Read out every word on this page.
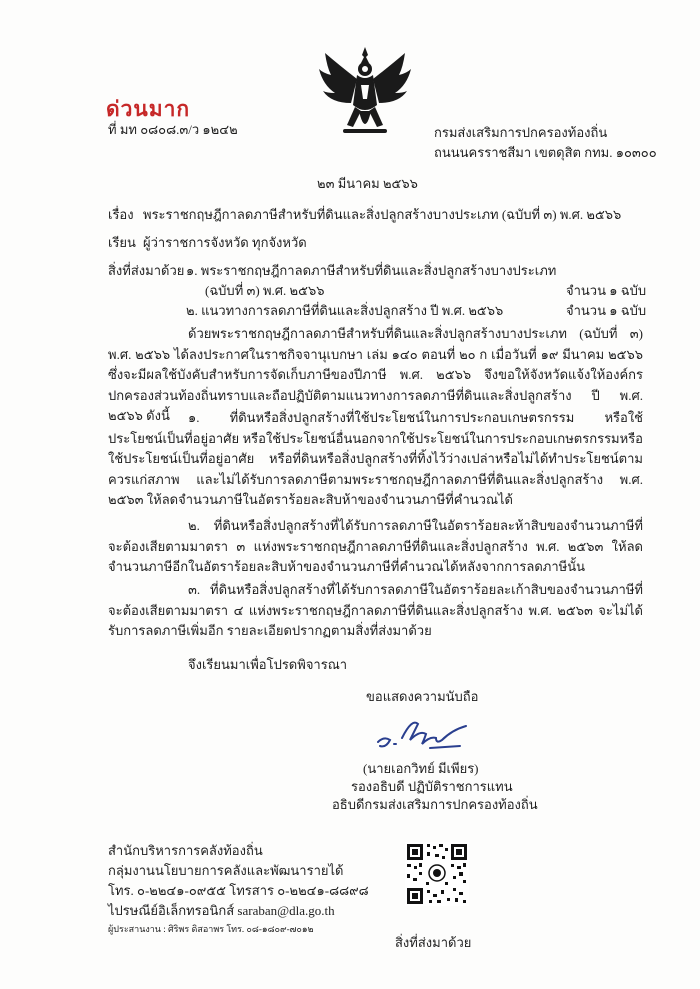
ด่วนมาก
ที่ มท ๐๘๐๘.๓/ว ๑๒๔๒	กรมส่งเสริมการปกครองท้องถิ่น
ถนนนครราชสีมา เขตดุสิต กทม. ๑๐๓๐๐
๒๓ มีนาคม ๒๕๖๖
เรื่อง พระราชกฤษฎีกาลดภาษีสำหรับที่ดินและสิ่งปลูกสร้างบางประเภท (ฉบับที่ ๓) พ.ศ. ๒๕๖๖
เรียน ผู้ว่าราชการจังหวัด ทุกจังหวัด
สิ่งที่ส่งมาด้วย ๑. พระราชกฤษฎีกาลดภาษีสำหรับที่ดินและสิ่งปลูกสร้างบางประเภท
(ฉบับที่ ๓) พ.ศ. ๒๕๖๖	จำนวน ๑ ฉบับ
๒. แนวทางการลดภาษีที่ดินและสิ่งปลูกสร้าง ปี พ.ศ. ๒๕๖๖	จำนวน ๑ ฉบับ

ด้วยพระราชกฤษฎีกาลดภาษีสำหรับที่ดินและสิ่งปลูกสร้างบางประเภท (ฉบับที่ ๓) พ.ศ. ๒๕๖๖ ได้ลงประกาศในราชกิจจานุเบกษา เล่ม ๑๔๐ ตอนที่ ๒๐ ก เมื่อวันที่ ๑๙ มีนาคม ๒๕๖๖ ซึ่งจะมีผลใช้บังคับสำหรับการจัดเก็บภาษีของปีภาษี พ.ศ. ๒๕๖๖ จึงขอให้จังหวัดแจ้งให้องค์กรปกครองส่วนท้องถิ่นทราบและถือปฏิบัติตามแนวทางการลดภาษีที่ดินและสิ่งปลูกสร้าง ปี พ.ศ. ๒๕๖๖ ดังนี้	๑. ที่ดินหรือสิ่งปลูกสร้างที่ใช้ประโยชน์ในการประกอบเกษตรกรรม หรือใช้ประโยชน์เป็นที่อยู่อาศัย หรือใช้ประโยชน์อื่นนอกจากใช้ประโยชน์ในการประกอบเกษตรกรรมหรือใช้ประโยชน์เป็นที่อยู่อาศัย หรือที่ดินหรือสิ่งปลูกสร้างที่ทิ้งไว้ว่างเปล่าหรือไม่ได้ทำประโยชน์ตามควรแก่สภาพ และไม่ได้รับการลดภาษีตามพระราชกฤษฎีกาลดภาษีที่ดินและสิ่งปลูกสร้าง พ.ศ. ๒๕๖๓ ให้ลดจำนวนภาษีในอัตราร้อยละสิบห้าของจำนวนภาษีที่คำนวณได้

๒. ที่ดินหรือสิ่งปลูกสร้างที่ได้รับการลดภาษีในอัตราร้อยละห้าสิบของจำนวนภาษีที่จะต้องเสียตามมาตรา ๓ แห่งพระราชกฤษฎีกาลดภาษีที่ดินและสิ่งปลูกสร้าง พ.ศ. ๒๕๖๓ ให้ลดจำนวนภาษีอีกในอัตราร้อยละสิบห้าของจำนวนภาษีที่คำนวณได้หลังจากการลดภาษีนั้น

๓. ที่ดินหรือสิ่งปลูกสร้างที่ได้รับการลดภาษีในอัตราร้อยละเก้าสิบของจำนวนภาษีที่จะต้องเสียตามมาตรา ๔ แห่งพระราชกฤษฎีกาลดภาษีที่ดินและสิ่งปลูกสร้าง พ.ศ. ๒๕๖๓ จะไม่ได้รับการลดภาษีเพิ่มอีก รายละเอียดปรากฏตามสิ่งที่ส่งมาด้วย

จึงเรียนมาเพื่อโปรดพิจารณา
ขอแสดงความนับถือ
(นายเอกวิทย์ มีเพียร)
รองอธิบดี ปฏิบัติราชการแทน
อธิบดีกรมส่งเสริมการปกครองท้องถิ่น
สำนักบริหารการคลังท้องถิ่น
กลุ่มงานนโยบายการคลังและพัฒนารายได้
โทร. ๐-๒๒๔๑-๐๙๕๕ โทรสาร ๐-๒๒๔๑-๘๘๙๘
ไปรษณีย์อิเล็กทรอนิกส์ saraban@dla.go.th
ผู้ประสานงาน : ศิริพร ดิสอาพร โทร. ๐๘-๑๘๐๙-๗๐๑๒
สิ่งที่ส่งมาด้วย
